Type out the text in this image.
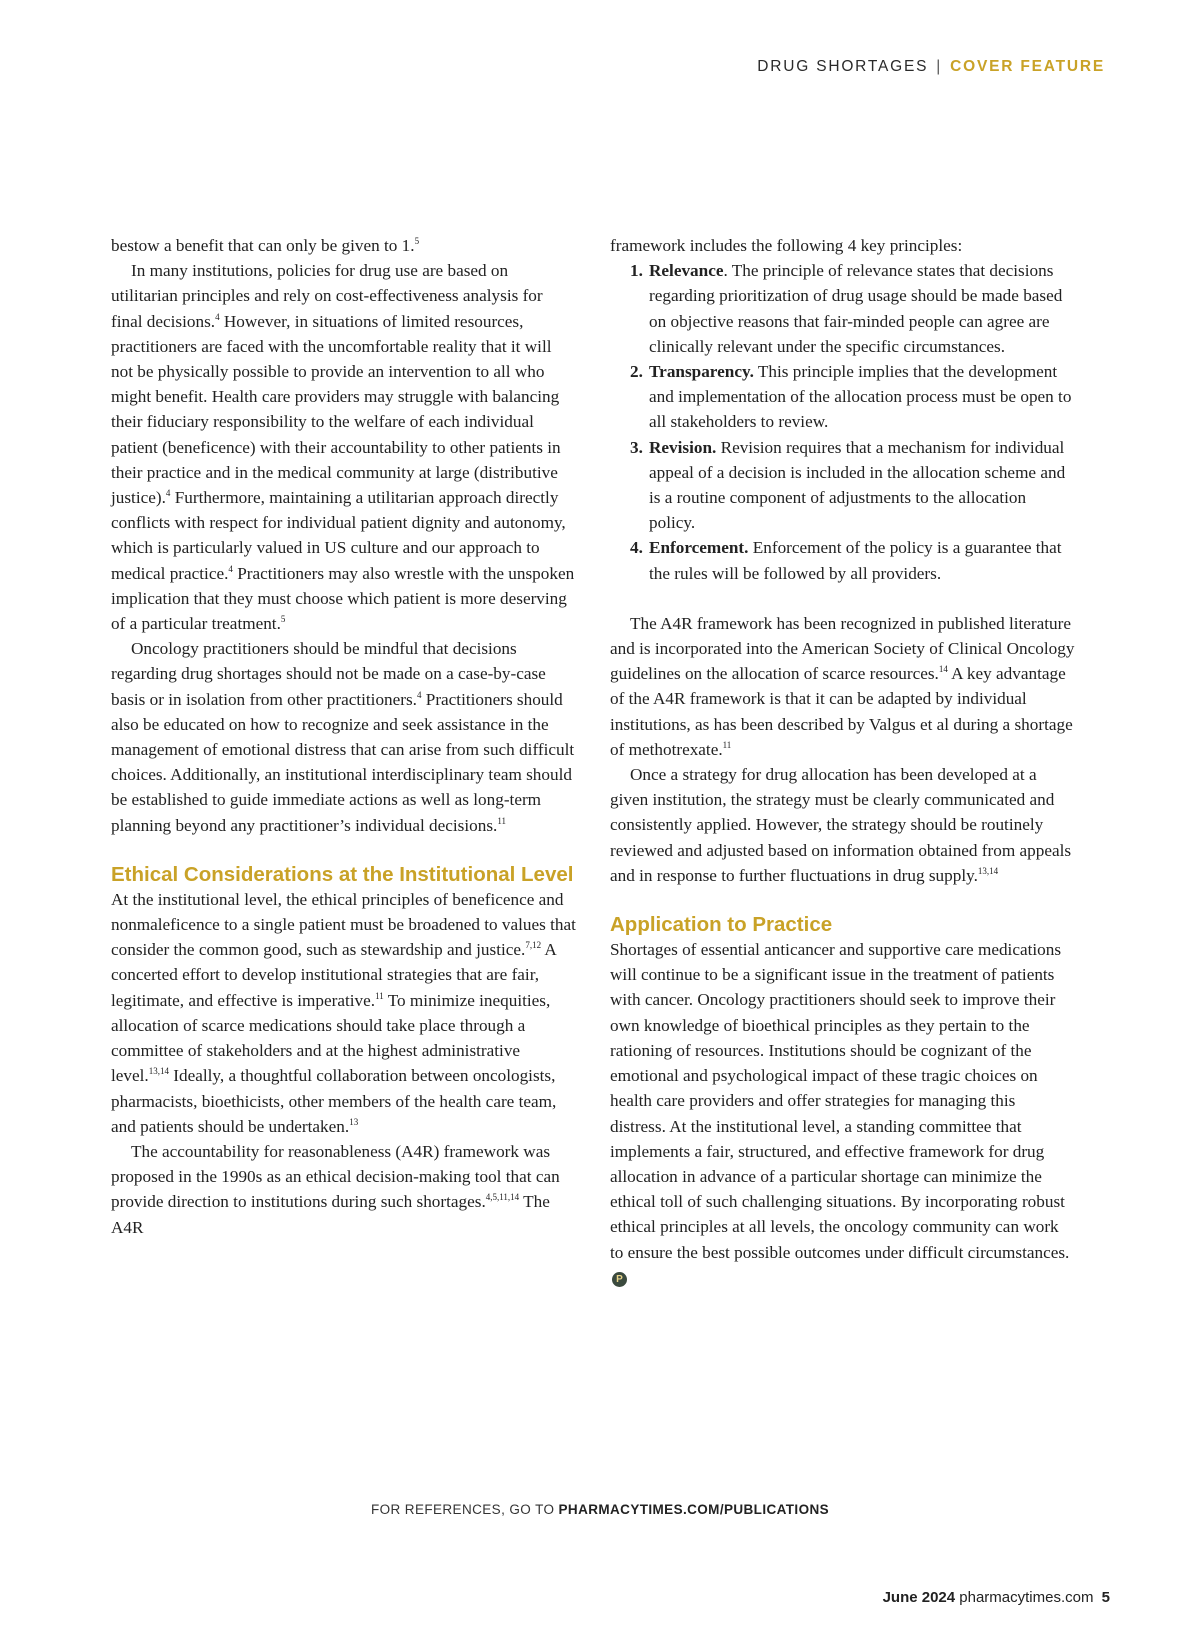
DRUG SHORTAGES | COVER FEATURE

bestow a benefit that can only be given to 1.$^5$

In many institutions, policies for drug use are based on utilitarian principles and rely on cost-effectiveness analysis for final decisions.$^4$ However, in situations of limited resources, practitioners are faced with the uncomfortable reality that it will not be physically possible to provide an intervention to all who might benefit. Health care providers may struggle with balancing their fiduciary responsibility to the welfare of each individual patient (beneficence) with their accountability to other patients in their practice and in the medical community at large (distributive justice).$^4$ Furthermore, maintaining a utilitarian approach directly conflicts with respect for individual patient dignity and autonomy, which is particularly valued in US culture and our approach to medical practice.$^4$ Practitioners may also wrestle with the unspoken implication that they must choose which patient is more deserving of a particular treatment.$^5$

Oncology practitioners should be mindful that decisions regarding drug shortages should not be made on a case-by-case basis or in isolation from other practitioners.$^4$ Practitioners should also be educated on how to recognize and seek assistance in the management of emotional distress that can arise from such difficult choices. Additionally, an institutional interdisciplinary team should be established to guide immediate actions as well as long-term planning beyond any practitioner’s individual decisions.$^{11}$

Ethical Considerations at the Institutional Level

At the institutional level, the ethical principles of beneficence and nonmaleficence to a single patient must be broadened to values that consider the common good, such as stewardship and justice.$^{7,12}$ A concerted effort to develop institutional strategies that are fair, legitimate, and effective is imperative.$^{11}$ To minimize inequities, allocation of scarce medications should take place through a committee of stakeholders and at the highest administrative level.$^{13,14}$ Ideally, a thoughtful collaboration between oncologists, pharmacists, bioethicists, other members of the health care team, and patients should be undertaken.$^{13}$

The accountability for reasonableness (A4R) framework was proposed in the 1990s as an ethical decision-making tool that can provide direction to institutions during such shortages.$^{4,5,11,14}$ The A4R

framework includes the following 4 key principles:

1. Relevance. The principle of relevance states that decisions regarding prioritization of drug usage should be made based on objective reasons that fair-minded people can agree are clinically relevant under the specific circumstances.
2. Transparency. This principle implies that the development and implementation of the allocation process must be open to all stakeholders to review.
3. Revision. Revision requires that a mechanism for individual appeal of a decision is included in the allocation scheme and is a routine component of adjustments to the allocation policy.
4. Enforcement. Enforcement of the policy is a guarantee that the rules will be followed by all providers.

The A4R framework has been recognized in published literature and is incorporated into the American Society of Clinical Oncology guidelines on the allocation of scarce resources.$^{14}$ A key advantage of the A4R framework is that it can be adapted by individual institutions, as has been described by Valgus et al during a shortage of methotrexate.$^{11}$

Once a strategy for drug allocation has been developed at a given institution, the strategy must be clearly communicated and consistently applied. However, the strategy should be routinely reviewed and adjusted based on information obtained from appeals and in response to further fluctuations in drug supply.$^{13,14}$

Application to Practice

Shortages of essential anticancer and supportive care medications will continue to be a significant issue in the treatment of patients with cancer. Oncology practitioners should seek to improve their own knowledge of bioethical principles as they pertain to the rationing of resources. Institutions should be cognizant of the emotional and psychological impact of these tragic choices on health care providers and offer strategies for managing this distress. At the institutional level, a standing committee that implements a fair, structured, and effective framework for drug allocation in advance of a particular shortage can minimize the ethical toll of such challenging situations. By incorporating robust ethical principles at all levels, the oncology community can work to ensure the best possible outcomes under difficult circumstances. P

FOR REFERENCES, GO TO PHARMACYTIMES.COM/PUBLICATIONS
June 2024 pharmacytimes.com 5
